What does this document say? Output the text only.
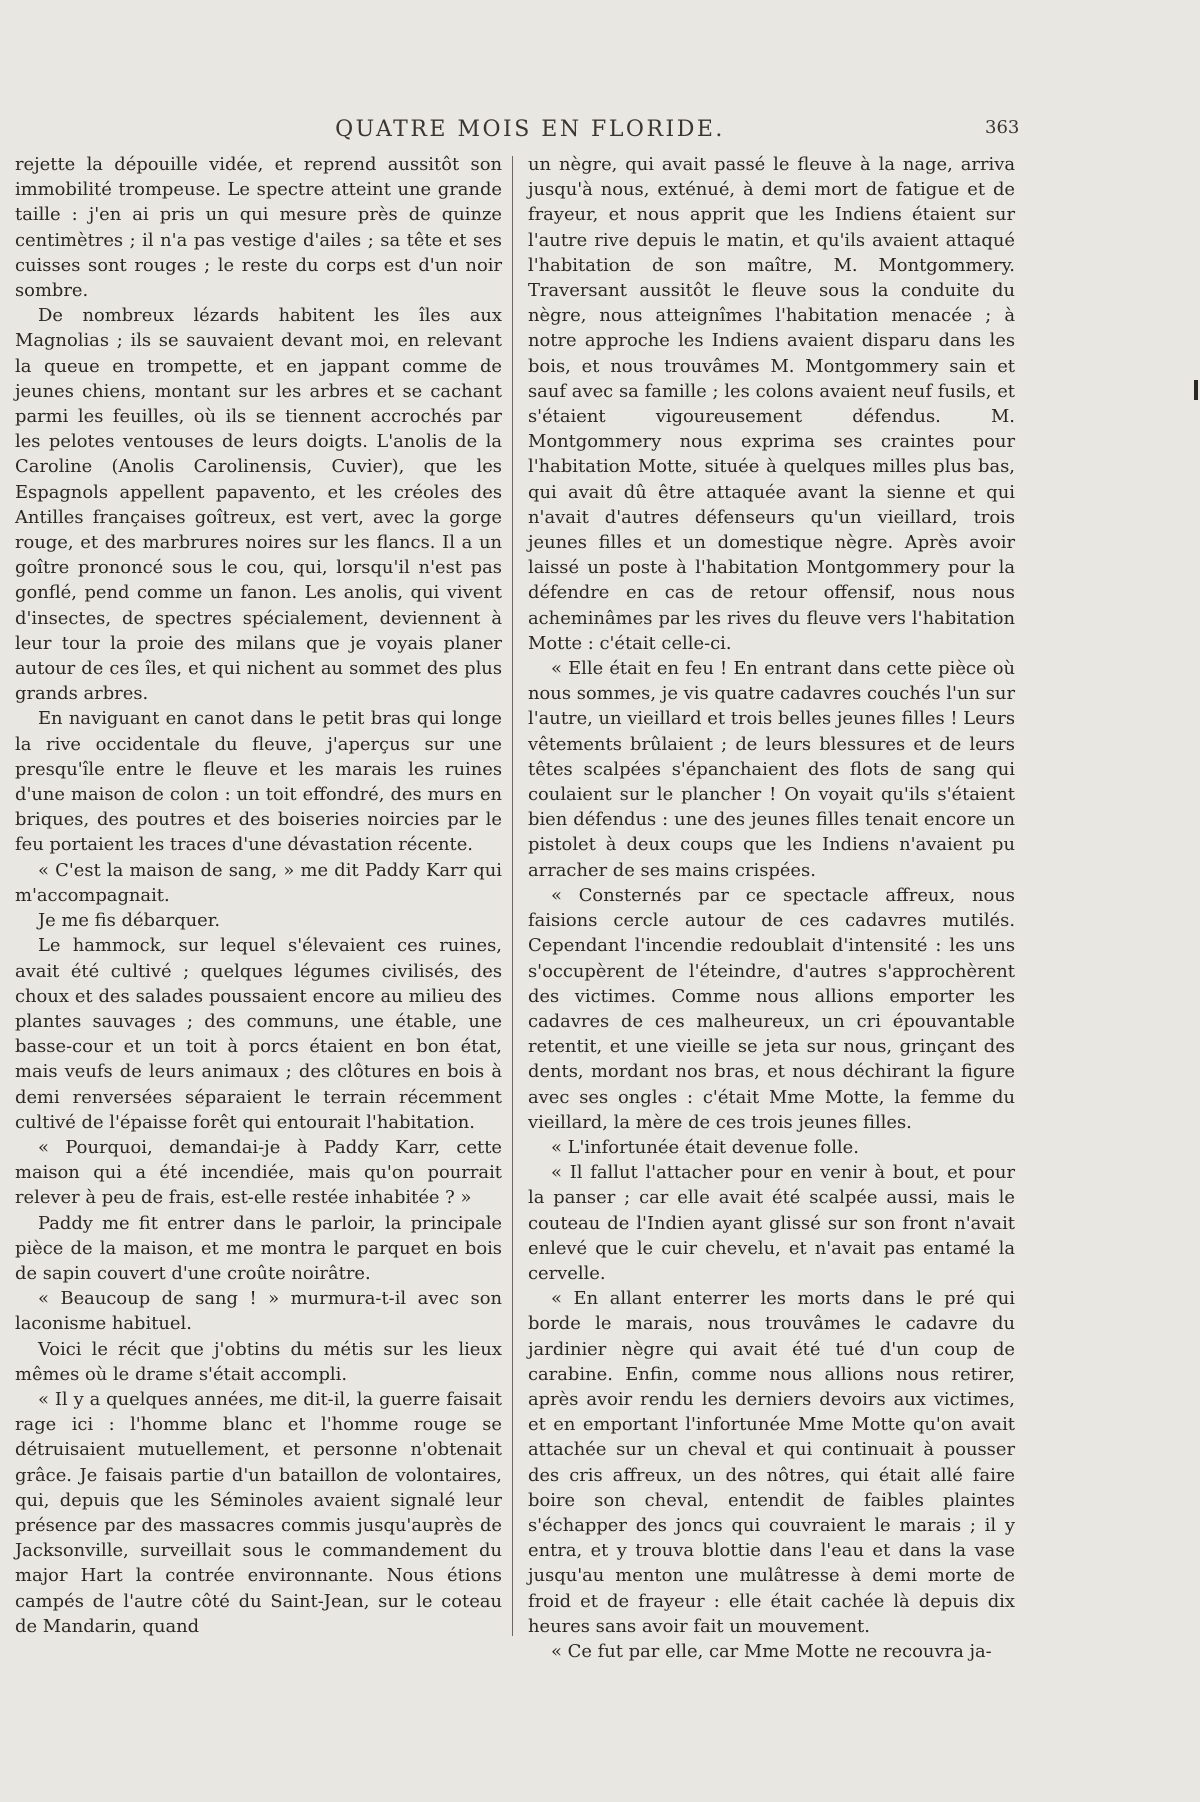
QUATRE MOIS EN FLORIDE.	363

rejette la dépouille vidée, et reprend aussitôt son immobilité trompeuse. Le spectre atteint une grande taille : j'en ai pris un qui mesure près de quinze centimètres ; il n'a pas vestige d'ailes ; sa tête et ses cuisses sont rouges ; le reste du corps est d'un noir sombre.

De nombreux lézards habitent les îles aux Magnolias ; ils se sauvaient devant moi, en relevant la queue en trompette, et en jappant comme de jeunes chiens, montant sur les arbres et se cachant parmi les feuilles, où ils se tiennent accrochés par les pelotes ventouses de leurs doigts. L'anolis de la Caroline (Anolis Carolinensis, Cuvier), que les Espagnols appellent papavento, et les créoles des Antilles françaises goîtreux, est vert, avec la gorge rouge, et des marbrures noires sur les flancs. Il a un goître prononcé sous le cou, qui, lorsqu'il n'est pas gonflé, pend comme un fanon. Les anolis, qui vivent d'insectes, de spectres spécialement, deviennent à leur tour la proie des milans que je voyais planer autour de ces îles, et qui nichent au sommet des plus grands arbres.

En naviguant en canot dans le petit bras qui longe la rive occidentale du fleuve, j'aperçus sur une presqu'île entre le fleuve et les marais les ruines d'une maison de colon : un toit effondré, des murs en briques, des poutres et des boiseries noircies par le feu portaient les traces d'une dévastation récente.

« C'est la maison de sang, » me dit Paddy Karr qui m'accompagnait.

Je me fis débarquer.

Le hammock, sur lequel s'élevaient ces ruines, avait été cultivé ; quelques légumes civilisés, des choux et des salades poussaient encore au milieu des plantes sauvages ; des communs, une étable, une basse-cour et un toit à porcs étaient en bon état, mais veufs de leurs animaux ; des clôtures en bois à demi renversées séparaient le terrain récemment cultivé de l'épaisse forêt qui entourait l'habitation.

« Pourquoi, demandai-je à Paddy Karr, cette maison qui a été incendiée, mais qu'on pourrait relever à peu de frais, est-elle restée inhabitée ? »

Paddy me fit entrer dans le parloir, la principale pièce de la maison, et me montra le parquet en bois de sapin couvert d'une croûte noirâtre.

« Beaucoup de sang ! » murmura-t-il avec son laconisme habituel.

Voici le récit que j'obtins du métis sur les lieux mêmes où le drame s'était accompli.

« Il y a quelques années, me dit-il, la guerre faisait rage ici : l'homme blanc et l'homme rouge se détruisaient mutuellement, et personne n'obtenait grâce. Je faisais partie d'un bataillon de volontaires, qui, depuis que les Séminoles avaient signalé leur présence par des massacres commis jusqu'auprès de Jacksonville, surveillait sous le commandement du major Hart la contrée environnante. Nous étions campés de l'autre côté du Saint-Jean, sur le coteau de Mandarin, quand

un nègre, qui avait passé le fleuve à la nage, arriva jusqu'à nous, exténué, à demi mort de fatigue et de frayeur, et nous apprit que les Indiens étaient sur l'autre rive depuis le matin, et qu'ils avaient attaqué l'habitation de son maître, M. Montgommery. Traversant aussitôt le fleuve sous la conduite du nègre, nous atteignîmes l'habitation menacée ; à notre approche les Indiens avaient disparu dans les bois, et nous trouvâmes M. Montgommery sain et sauf avec sa famille ; les colons avaient neuf fusils, et s'étaient vigoureusement défendus. M. Montgommery nous exprima ses craintes pour l'habitation Motte, située à quelques milles plus bas, qui avait dû être attaquée avant la sienne et qui n'avait d'autres défenseurs qu'un vieillard, trois jeunes filles et un domestique nègre. Après avoir laissé un poste à l'habitation Montgommery pour la défendre en cas de retour offensif, nous nous acheminâmes par les rives du fleuve vers l'habitation Motte : c'était celle-ci.

« Elle était en feu ! En entrant dans cette pièce où nous sommes, je vis quatre cadavres couchés l'un sur l'autre, un vieillard et trois belles jeunes filles ! Leurs vêtements brûlaient ; de leurs blessures et de leurs têtes scalpées s'épanchaient des flots de sang qui coulaient sur le plancher ! On voyait qu'ils s'étaient bien défendus : une des jeunes filles tenait encore un pistolet à deux coups que les Indiens n'avaient pu arracher de ses mains crispées.

« Consternés par ce spectacle affreux, nous faisions cercle autour de ces cadavres mutilés. Cependant l'incendie redoublait d'intensité : les uns s'occupèrent de l'éteindre, d'autres s'approchèrent des victimes. Comme nous allions emporter les cadavres de ces malheureux, un cri épouvantable retentit, et une vieille se jeta sur nous, grinçant des dents, mordant nos bras, et nous déchirant la figure avec ses ongles : c'était Mme Motte, la femme du vieillard, la mère de ces trois jeunes filles.

« L'infortunée était devenue folle.

« Il fallut l'attacher pour en venir à bout, et pour la panser ; car elle avait été scalpée aussi, mais le couteau de l'Indien ayant glissé sur son front n'avait enlevé que le cuir chevelu, et n'avait pas entamé la cervelle.

« En allant enterrer les morts dans le pré qui borde le marais, nous trouvâmes le cadavre du jardinier nègre qui avait été tué d'un coup de carabine. Enfin, comme nous allions nous retirer, après avoir rendu les derniers devoirs aux victimes, et en emportant l'infortunée Mme Motte qu'on avait attachée sur un cheval et qui continuait à pousser des cris affreux, un des nôtres, qui était allé faire boire son cheval, entendit de faibles plaintes s'échapper des joncs qui couvraient le marais ; il y entra, et y trouva blottie dans l'eau et dans la vase jusqu'au menton une mulâtresse à demi morte de froid et de frayeur : elle était cachée là depuis dix heures sans avoir fait un mouvement.

« Ce fut par elle, car Mme Motte ne recouvra ja-
